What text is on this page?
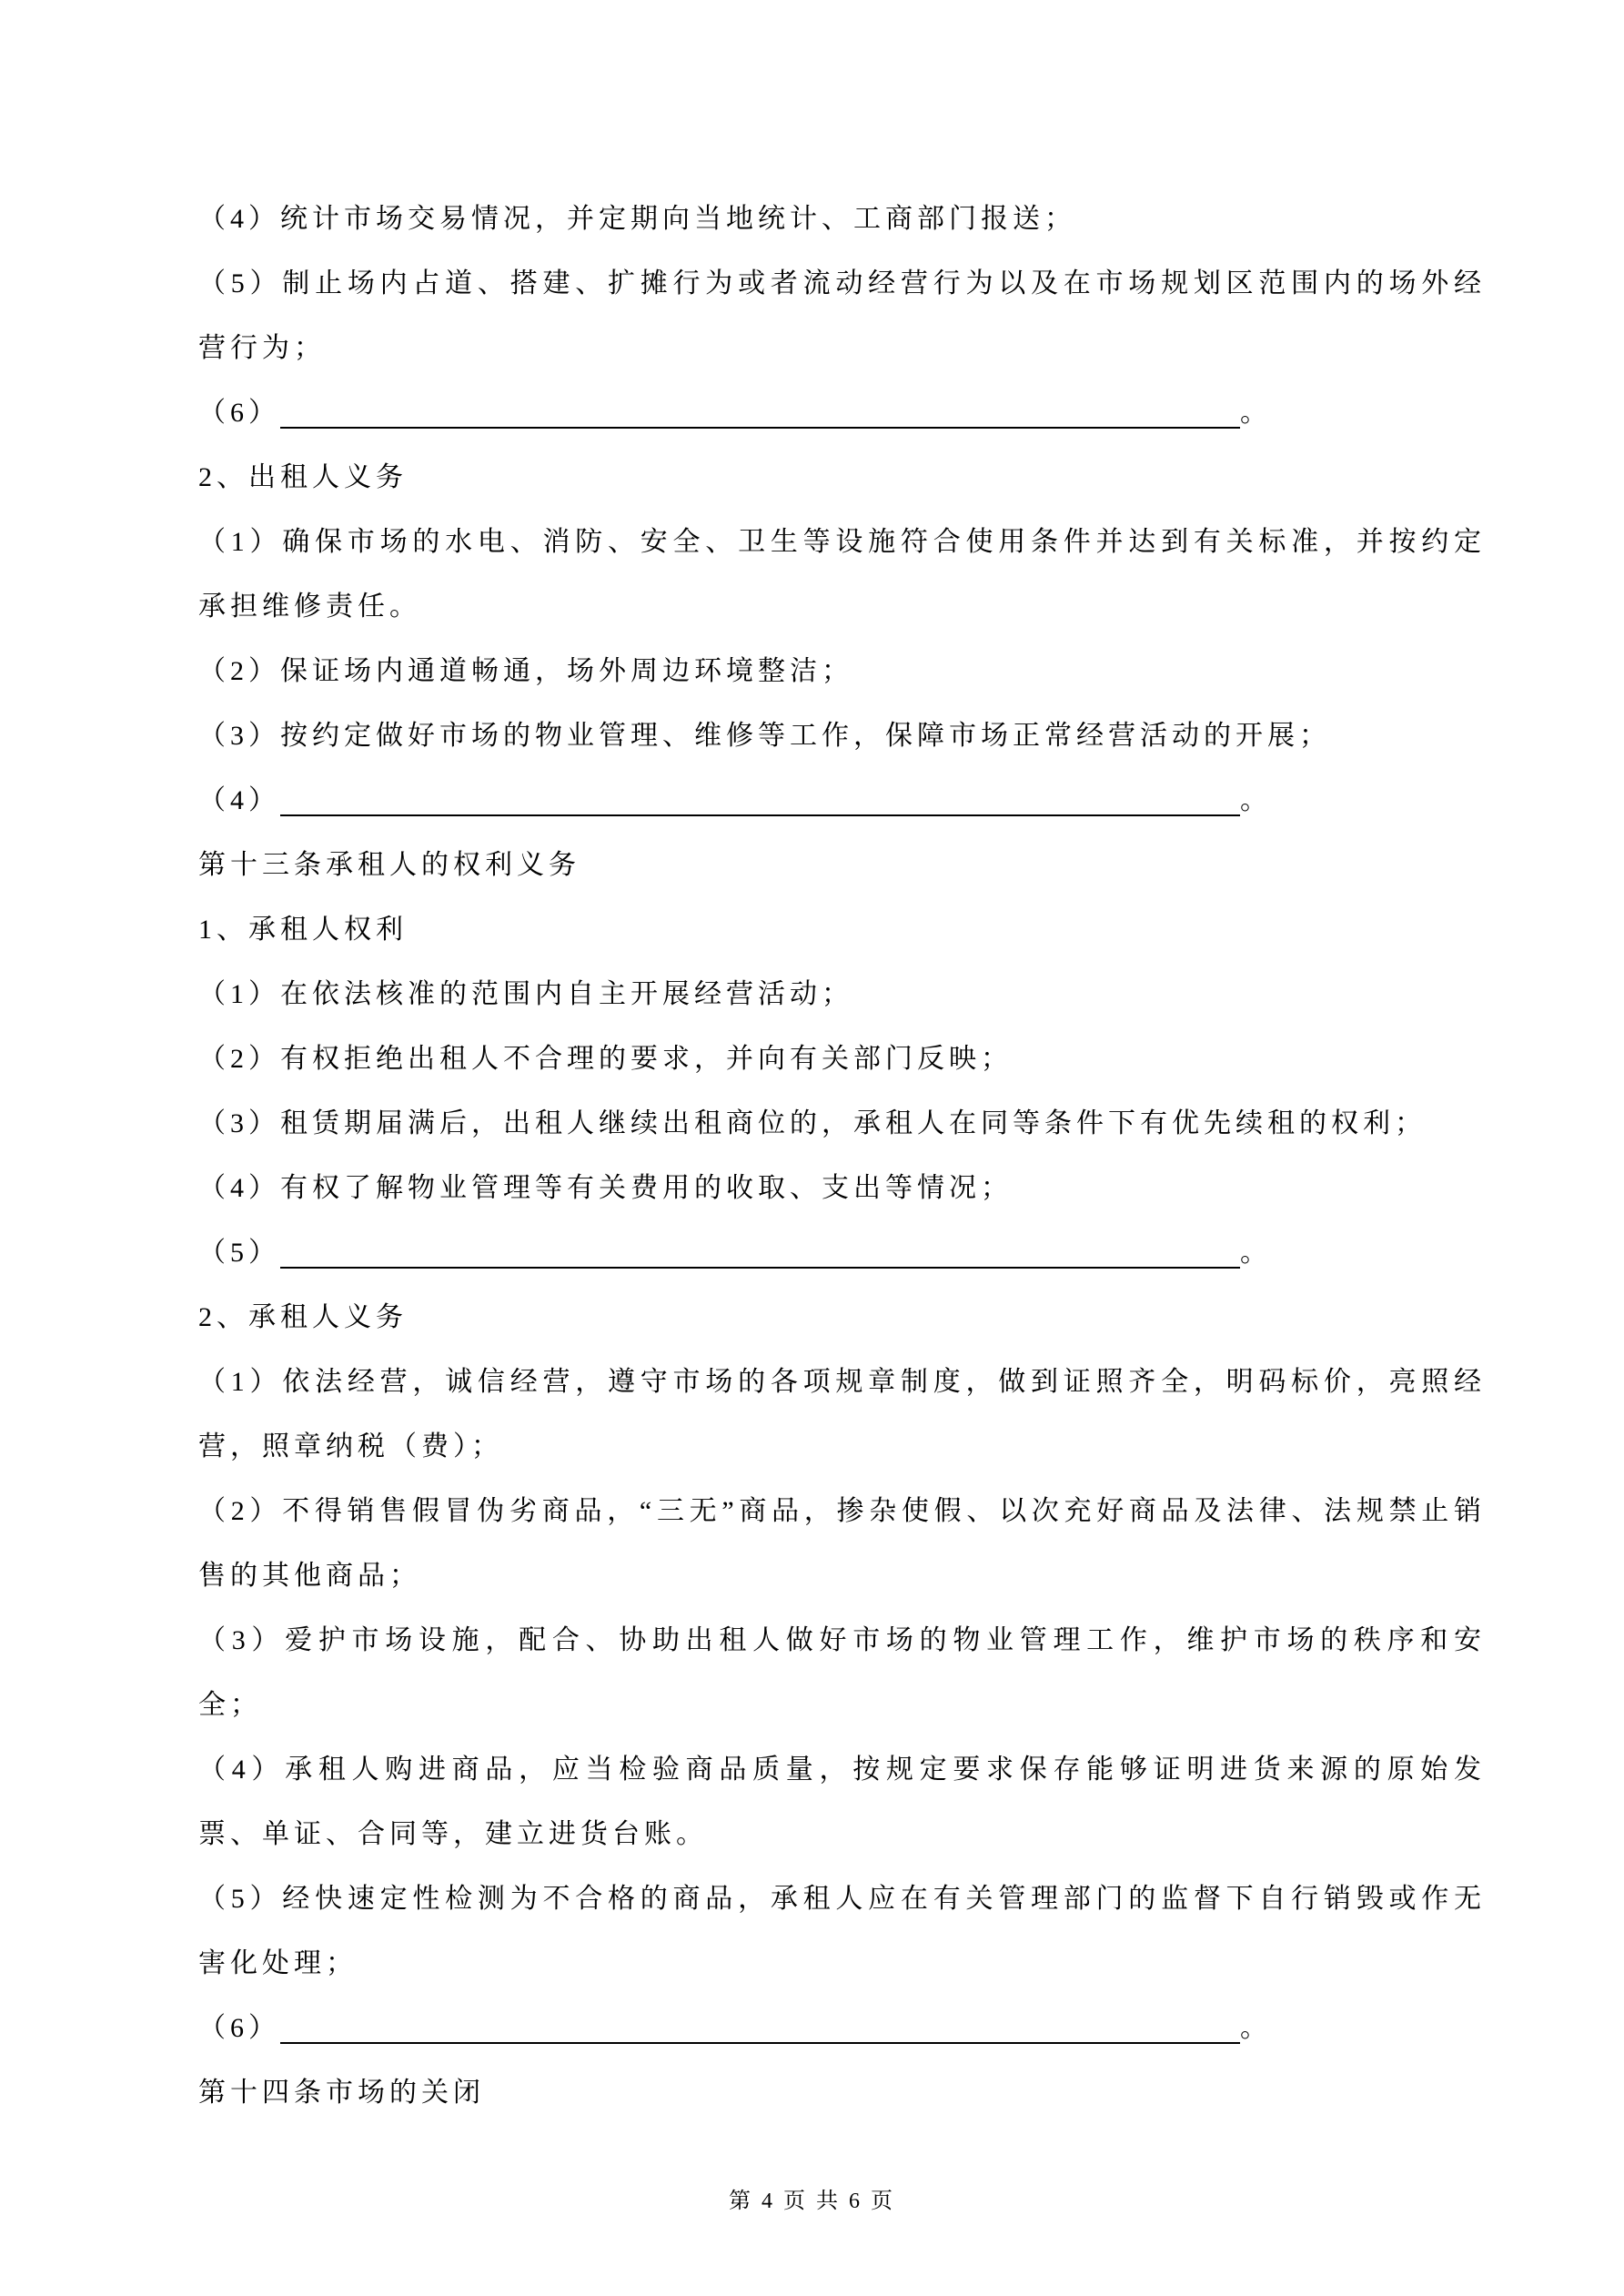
（4）统计市场交易情况，并定期向当地统计、工商部门报送；

（5）制止场内占道、搭建、扩摊行为或者流动经营行为以及在市场规划区范围内的场外经营行为；

（6）	。

2、出租人义务

（1）确保市场的水电、消防、安全、卫生等设施符合使用条件并达到有关标准，并按约定承担维修责任。

（2）保证场内通道畅通，场外周边环境整洁；

（3）按约定做好市场的物业管理、维修等工作，保障市场正常经营活动的开展；

（4）	。

第十三条承租人的权利义务

1、承租人权利

（1）在依法核准的范围内自主开展经营活动；

（2）有权拒绝出租人不合理的要求，并向有关部门反映；

（3）租赁期届满后，出租人继续出租商位的，承租人在同等条件下有优先续租的权利；

（4）有权了解物业管理等有关费用的收取、支出等情况；

（5）	。

2、承租人义务

（1）依法经营，诚信经营，遵守市场的各项规章制度，做到证照齐全，明码标价，亮照经营，照章纳税（费）；

（2）不得销售假冒伪劣商品，“三无”商品，掺杂使假、以次充好商品及法律、法规禁止销售的其他商品；

（3）爱护市场设施，配合、协助出租人做好市场的物业管理工作，维护市场的秩序和安全；

（4）承租人购进商品，应当检验商品质量，按规定要求保存能够证明进货来源的原始发票、单证、合同等，建立进货台账。

（5）经快速定性检测为不合格的商品，承租人应在有关管理部门的监督下自行销毁或作无害化处理；

（6）	。

第十四条市场的关闭

第 4 页 共 6 页
